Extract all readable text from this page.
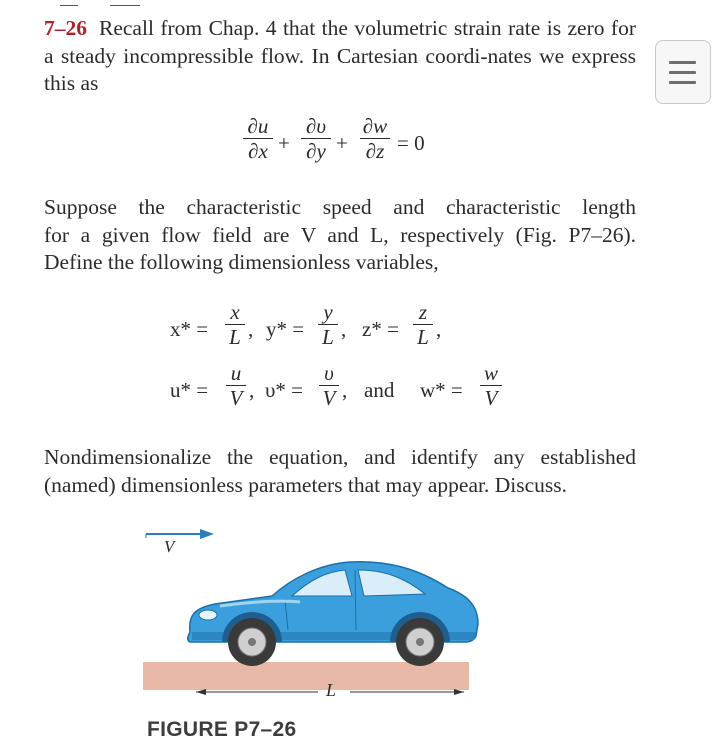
7–26 Recall from Chap. 4 that the volumetric strain rate is zero for a steady incompressible flow. In Cartesian coordi-nates we express this as
∂u
∂x +
∂υ
∂y +
∂w
∂z = 0
Suppose the characteristic speed and characteristic length
for a given flow field are V and L, respectively (Fig. P7–26).
Define the following dimensionless variables,
x* =
x
L , y* =
y
L , z* =
z
L ,
u* =
u
V , υ* =
υ
V , and w* =
w
V
Nondimensionalize the equation, and identify any established
(named) dimensionless parameters that may appear. Discuss.
V
L
FIGURE P7–26
